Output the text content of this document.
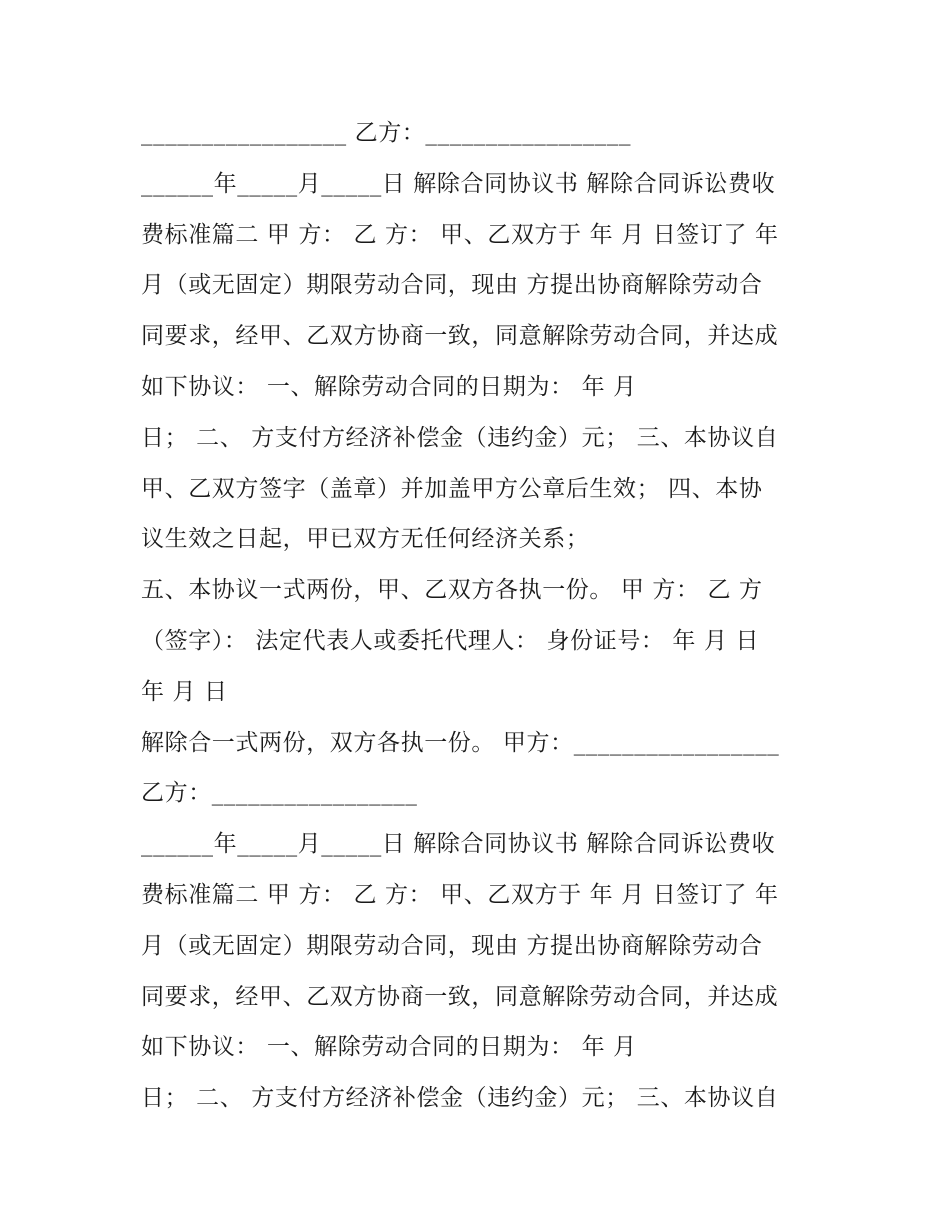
_________________ 乙方：_________________
______年_____月_____日 解除合同协议书 解除合同诉讼费收
费标准篇二 甲 方： 乙 方： 甲、乙双方于 年 月 日签订了 年
月（或无固定）期限劳动合同，现由 方提出协商解除劳动合
同要求，经甲、乙双方协商一致，同意解除劳动合同，并达成
如下协议： 一、解除劳动合同的日期为： 年 月
日； 二、 方支付方经济补偿金（违约金）元； 三、本协议自
甲、乙双方签字（盖章）并加盖甲方公章后生效； 四、本协
议生效之日起，甲已双方无任何经济关系；
五、本协议一式两份，甲、乙双方各执一份。 甲 方： 乙 方
（签字）： 法定代表人或委托代理人： 身份证号： 年 月 日
年 月 日
解除合一式两份，双方各执一份。 甲方：_________________
乙方：_________________
______年_____月_____日 解除合同协议书 解除合同诉讼费收
费标准篇二 甲 方： 乙 方： 甲、乙双方于 年 月 日签订了 年
月（或无固定）期限劳动合同，现由 方提出协商解除劳动合
同要求，经甲、乙双方协商一致，同意解除劳动合同，并达成
如下协议： 一、解除劳动合同的日期为： 年 月
日； 二、 方支付方经济补偿金（违约金）元； 三、本协议自
